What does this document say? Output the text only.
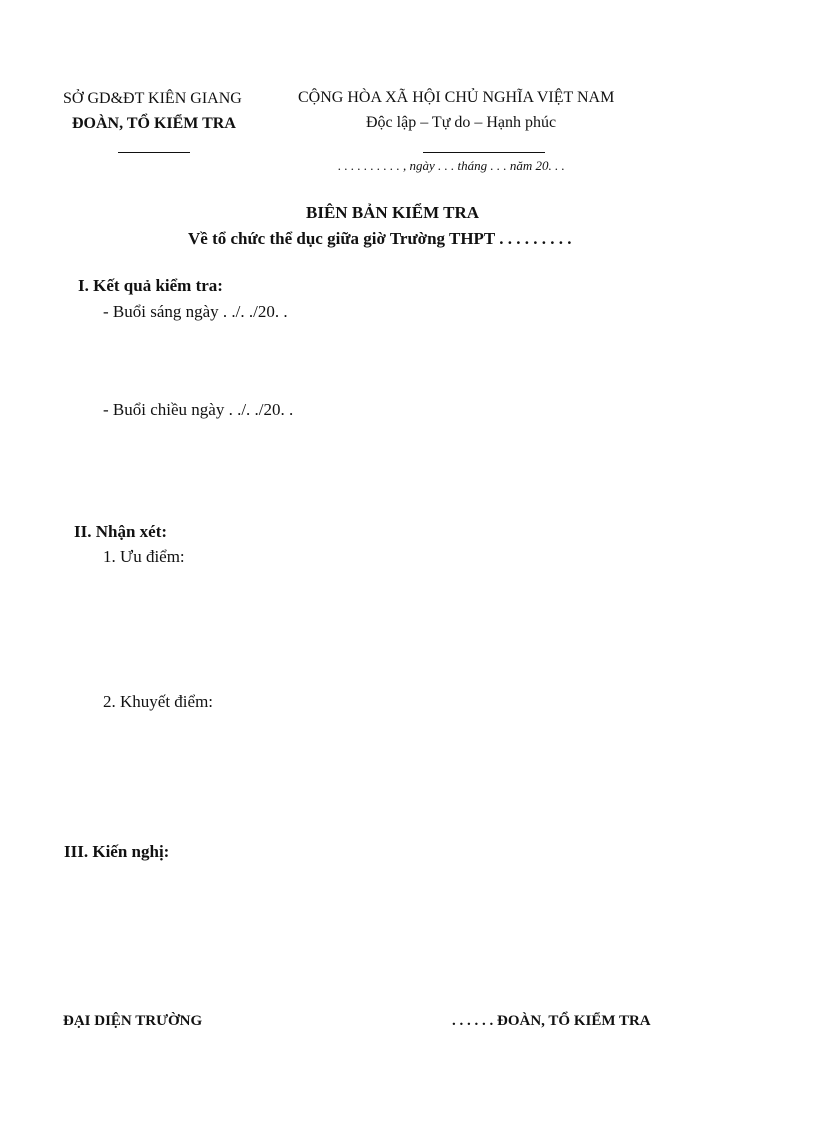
SỞ GD&ĐT KIÊN GIANG
ĐOÀN, TỔ KIỂM TRA
CỘNG HÒA XÃ HỘI CHỦ NGHĨA VIỆT NAM
Độc lập – Tự do – Hạnh phúc
. . . . . . . . . . , ngày . . . tháng . . . năm 20. . .
BIÊN BẢN KIỂM TRA
Về tổ chức thể dục giữa giờ Trường THPT . . . . . . . . .
I. Kết quả kiểm tra:
- Buổi sáng ngày . ./. ./20. .
- Buổi chiều ngày . ./. ./20. .
II. Nhận xét:
1. Ưu điểm:
2. Khuyết điểm:
III. Kiến nghị:
ĐẠI DIỆN TRƯỜNG	. . . . . . ĐOÀN, TỔ KIỂM TRA
